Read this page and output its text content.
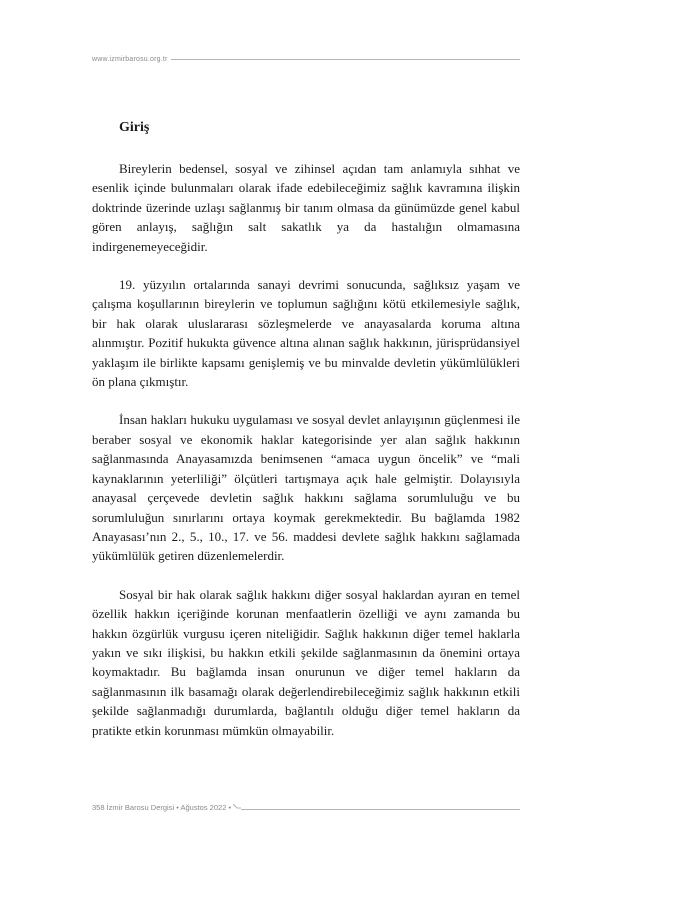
www.izmirbarosu.org.tr
Giriş

Bireylerin bedensel, sosyal ve zihinsel açıdan tam anlamıyla sıhhat ve esenlik içinde bulunmaları olarak ifade edebileceğimiz sağlık kavramına ilişkin doktrinde üzerinde uzlaşı sağlanmış bir tanım olmasa da günümüzde genel kabul gören anlayış, sağlığın salt sakatlık ya da hastalığın olmamasına indirgenemeyeceğidir.

19. yüzyılın ortalarında sanayi devrimi sonucunda, sağlıksız yaşam ve çalışma koşullarının bireylerin ve toplumun sağlığını kötü etkilemesiyle sağlık, bir hak olarak uluslararası sözleşmelerde ve anayasalarda koruma altına alınmıştır. Pozitif hukukta güvence altına alınan sağlık hakkının, jürisprüdansiyel yaklaşım ile birlikte kapsamı genişlemiş ve bu minvalde devletin yükümlülükleri ön plana çıkmıştır.

İnsan hakları hukuku uygulaması ve sosyal devlet anlayışının güçlenmesi ile beraber sosyal ve ekonomik haklar kategorisinde yer alan sağlık hakkının sağlanmasında Anayasamızda benimsenen “amaca uygun öncelik” ve “mali kaynaklarının yeterliliği” ölçütleri tartışmaya açık hale gelmiştir. Dolayısıyla anayasal çerçevede devletin sağlık hakkını sağlama sorumluluğu ve bu sorumluluğun sınırlarını ortaya koymak gerekmektedir. Bu bağlamda 1982 Anayasası’nın 2., 5., 10., 17. ve 56. maddesi devlete sağlık hakkını sağlamada yükümlülük getiren düzenlemelerdir.

Sosyal bir hak olarak sağlık hakkını diğer sosyal haklardan ayıran en temel özellik hakkın içeriğinde korunan menfaatlerin özelliği ve aynı zamanda bu hakkın özgürlük vurgusu içeren niteliğidir. Sağlık hakkının diğer temel haklarla yakın ve sıkı ilişkisi, bu hakkın etkili şekilde sağlanmasının da önemini ortaya koymaktadır. Bu bağlamda insan onurunun ve diğer temel hakların da sağlanmasının ilk basamağı olarak değerlendirebileceğimiz sağlık hakkının etkili şekilde sağlanmadığı durumlarda, bağlantılı olduğu diğer temel hakların da pratikte etkin korunması mümkün olmayabilir.

358 İzmir Barosu Dergisi • Ağustos 2022 •
